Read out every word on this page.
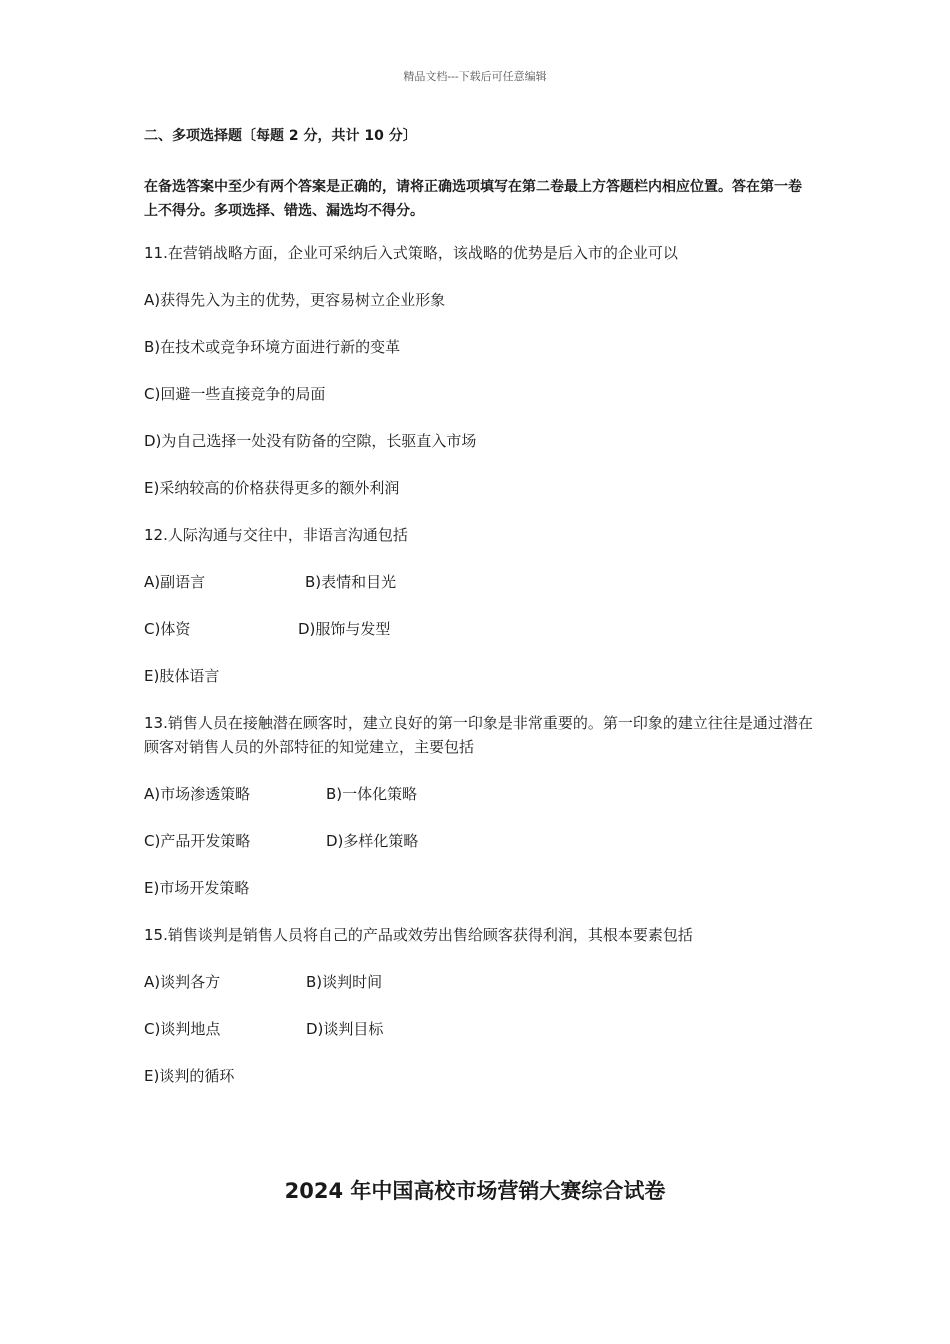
精品文档---下载后可任意编辑
二、多项选择题〔每题 2 分，共计 10 分〕
在备选答案中至少有两个答案是正确的，请将正确选项填写在第二卷最上方答题栏内相应位置。答在第一卷上不得分。多项选择、错选、漏选均不得分。
11.在营销战略方面，企业可采纳后入式策略，该战略的优势是后入市的企业可以
A)获得先入为主的优势，更容易树立企业形象
B)在技术或竞争环境方面进行新的变革
C)回避一些直接竞争的局面
D)为自己选择一处没有防备的空隙，长驱直入市场
E)采纳较高的价格获得更多的额外利润
12.人际沟通与交往中，非语言沟通包括
A)副语言	B)表情和目光
C)体资	D)服饰与发型
E)肢体语言
13.销售人员在接触潜在顾客时，建立良好的第一印象是非常重要的。第一印象的建立往往是通过潜在顾客对销售人员的外部特征的知觉建立，主要包括
A)市场渗透策略	B)一体化策略
C)产品开发策略	D)多样化策略
E)市场开发策略
15.销售谈判是销售人员将自己的产品或效劳出售给顾客获得利润，其根本要素包括
A)谈判各方	B)谈判时间
C)谈判地点	D)谈判目标
E)谈判的循环
2024 年中国高校市场营销大赛综合试卷
